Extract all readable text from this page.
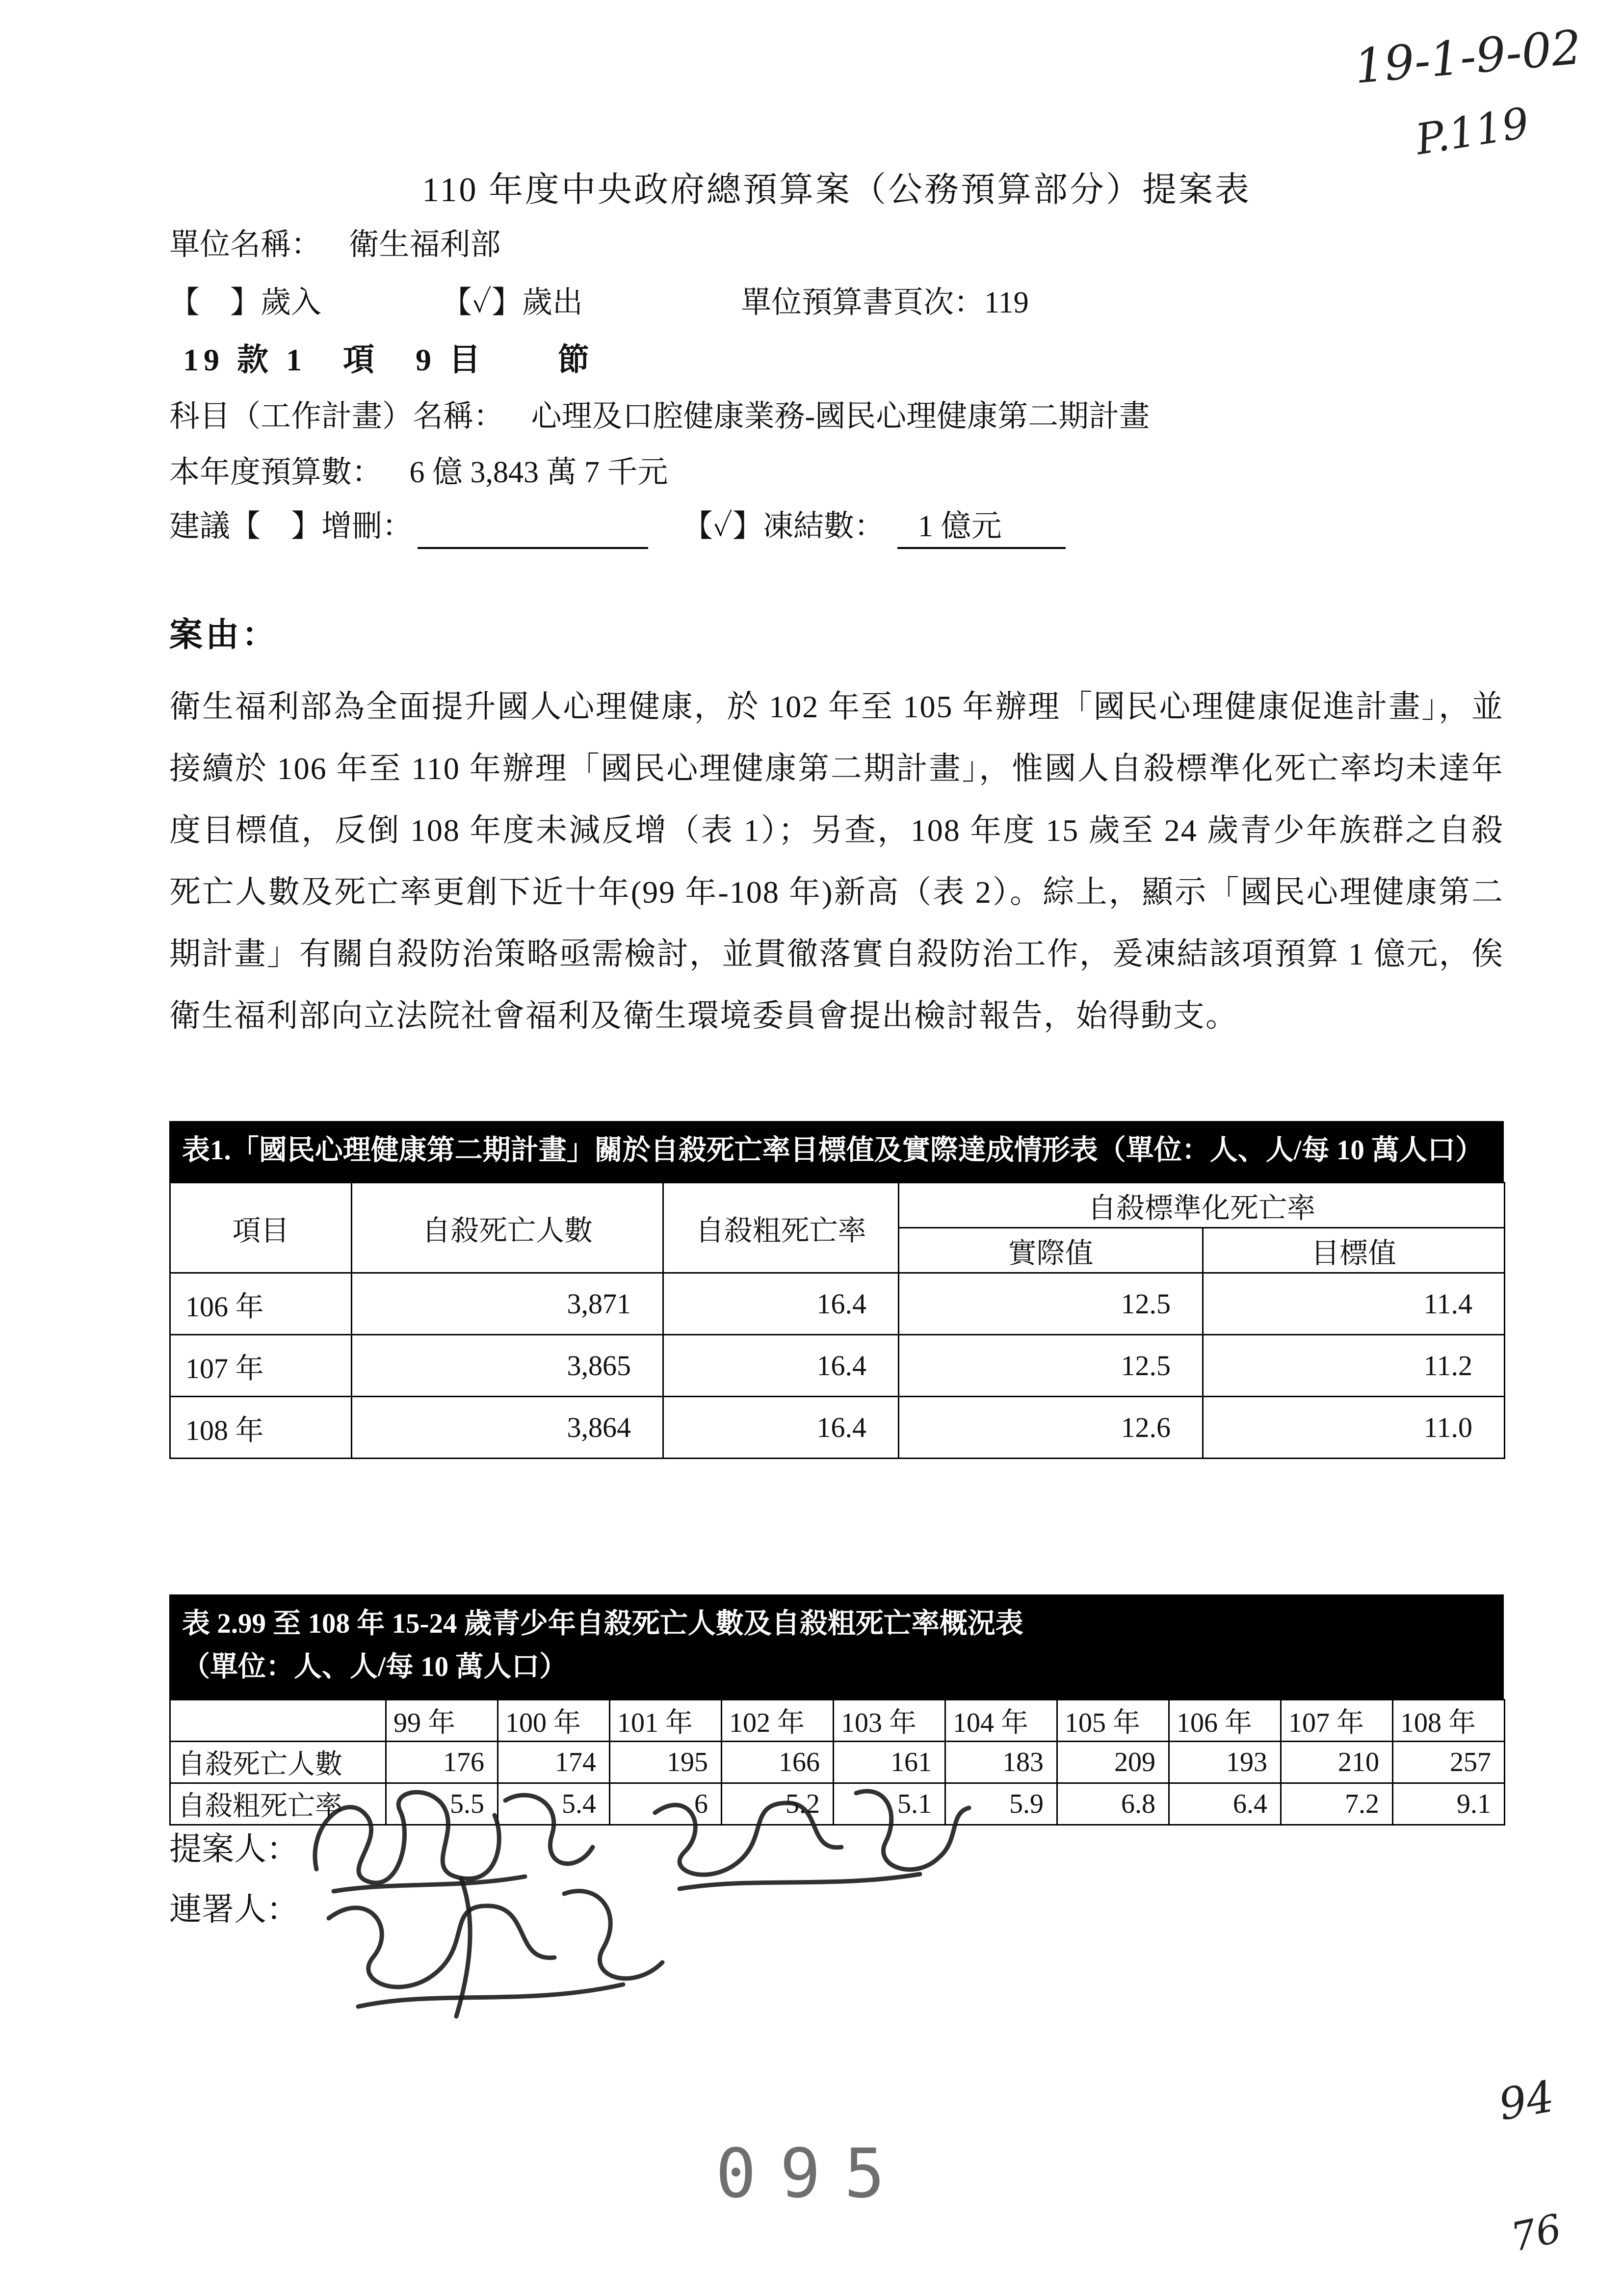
19-1-9-02
P.119
110 年度中央政府總預算案（公務預算部分）提案表
單位名稱： 衛生福利部
【　】歲入	【✓】歲出	單位預算書頁次：119
19 款 1　項　9 目　　節
科目（工作計畫）名稱： 心理及口腔健康業務-國民心理健康第二期計畫
本年度預算數： 6 億 3,843 萬 7 千元
建議【　】增刪：	【✓】凍結數： 1 億元
案由：

衛生福利部為全面提升國人心理健康，於 102 年至 105 年辦理「國民心理健康促進計畫」，並接續於 106 年至 110 年辦理「國民心理健康第二期計畫」，惟國人自殺標準化死亡率均未達年度目標值，反倒 108 年度未減反增（表 1）；另查，108 年度 15 歲至 24 歲青少年族群之自殺死亡人數及死亡率更創下近十年(99 年-108 年)新高（表 2）。綜上，顯示「國民心理健康第二期計畫」有關自殺防治策略亟需檢討，並貫徹落實自殺防治工作，爰凍結該項預算 1 億元，俟衛生福利部向立法院社會福利及衛生環境委員會提出檢討報告，始得動支。

表1.「國民心理健康第二期計畫」關於自殺死亡率目標值及實際達成情形表（單位：人、人/每 10 萬人口）
項目	自殺死亡人數	自殺粗死亡率	自殺標準化死亡率	
			實際值	目標值
106 年	3,871	16.4	12.5	11.4
107 年	3,865	16.4	12.5	11.2
108 年	3,864	16.4	12.6	11.0
表 2.99 至 108 年 15-24 歲青少年自殺死亡人數及自殺粗死亡率概況表
（單位：人、人/每 10 萬人口）
	99 年	100 年	101 年	102 年	103 年	104 年	105 年	106 年	107 年	108 年
自殺死亡人數	176	174	195	166	161	183	209	193	210	257
自殺粗死亡率	5.5	5.4	6	5.2	5.1	5.9	6.8	6.4	7.2	9.1
提案人：
連署人：
095
94
76
